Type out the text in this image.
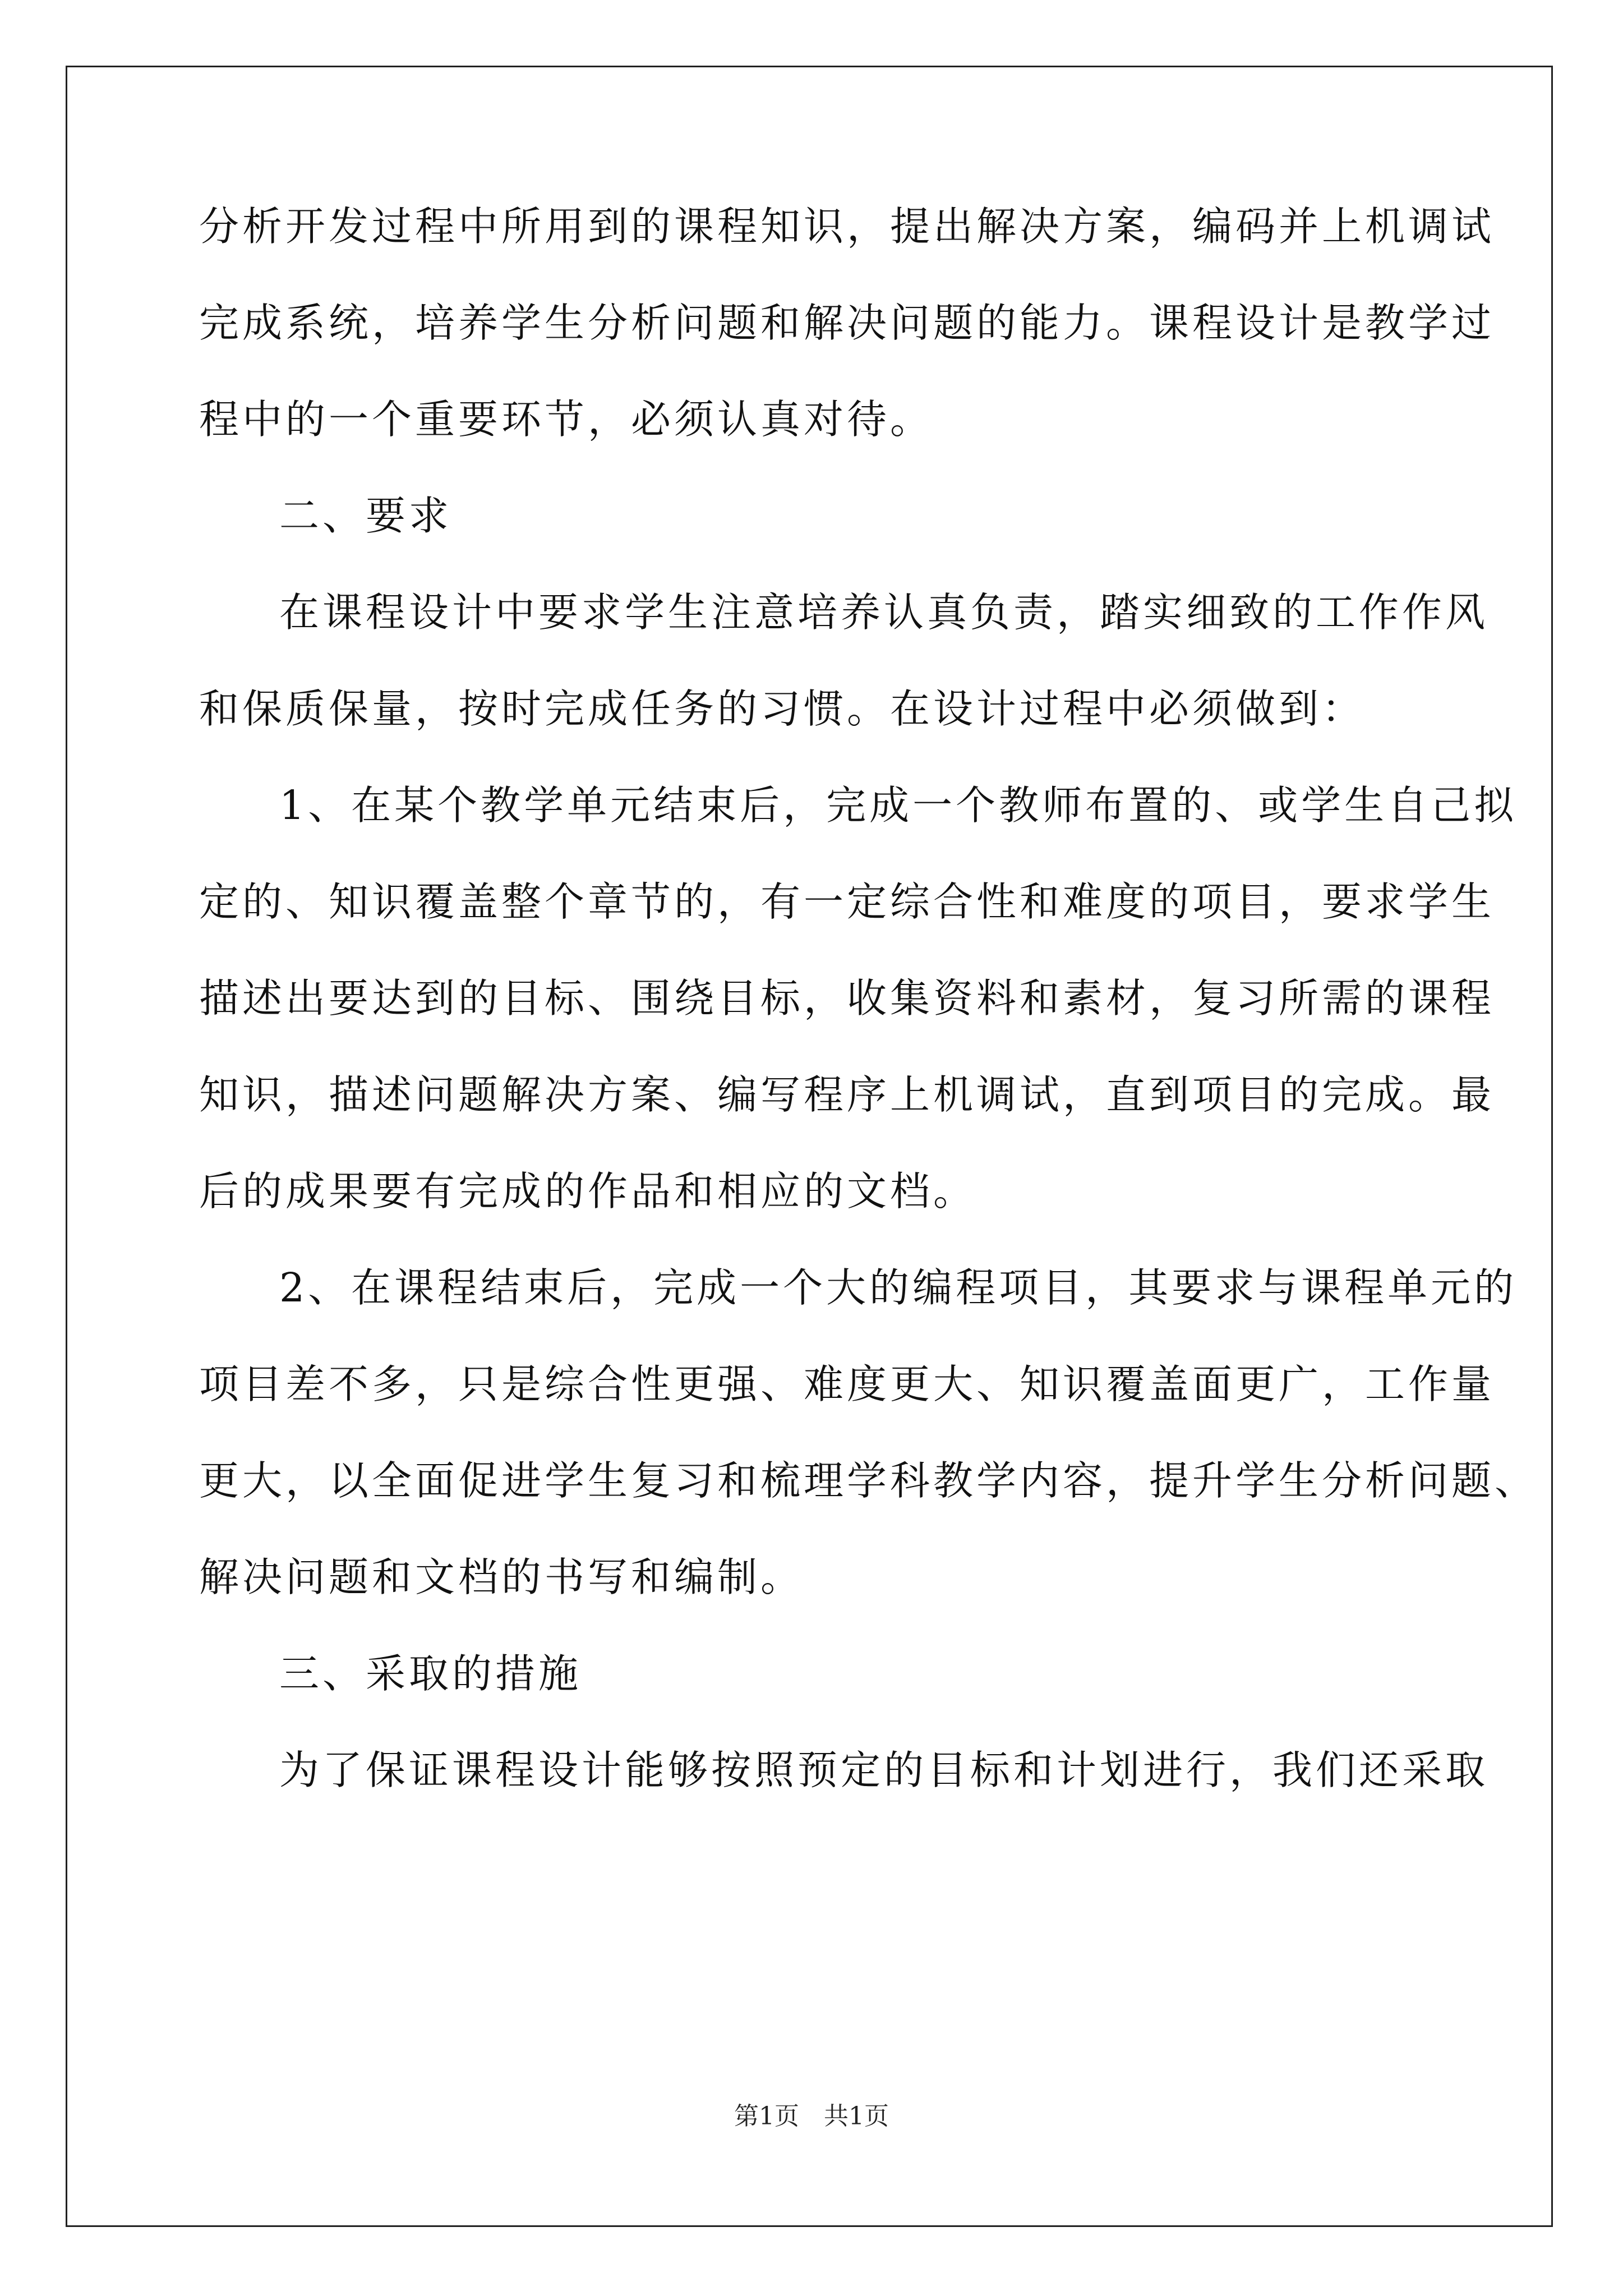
分析开发过程中所用到的课程知识，提出解决方案，编码并上机调试
完成系统，培养学生分析问题和解决问题的能力。课程设计是教学过
程中的一个重要环节，必须认真对待。
二、要求
在课程设计中要求学生注意培养认真负责，踏实细致的工作作风
和保质保量，按时完成任务的习惯。在设计过程中必须做到：
1、在某个教学单元结束后，完成一个教师布置的、或学生自己拟
定的、知识覆盖整个章节的，有一定综合性和难度的项目，要求学生
描述出要达到的目标、围绕目标，收集资料和素材，复习所需的课程
知识，描述问题解决方案、编写程序上机调试，直到项目的完成。最
后的成果要有完成的作品和相应的文档。
2、在课程结束后，完成一个大的编程项目，其要求与课程单元的
项目差不多，只是综合性更强、难度更大、知识覆盖面更广，工作量
更大，以全面促进学生复习和梳理学科教学内容，提升学生分析问题、
解决问题和文档的书写和编制。
三、采取的措施
为了保证课程设计能够按照预定的目标和计划进行，我们还采取
第1页　共1页
